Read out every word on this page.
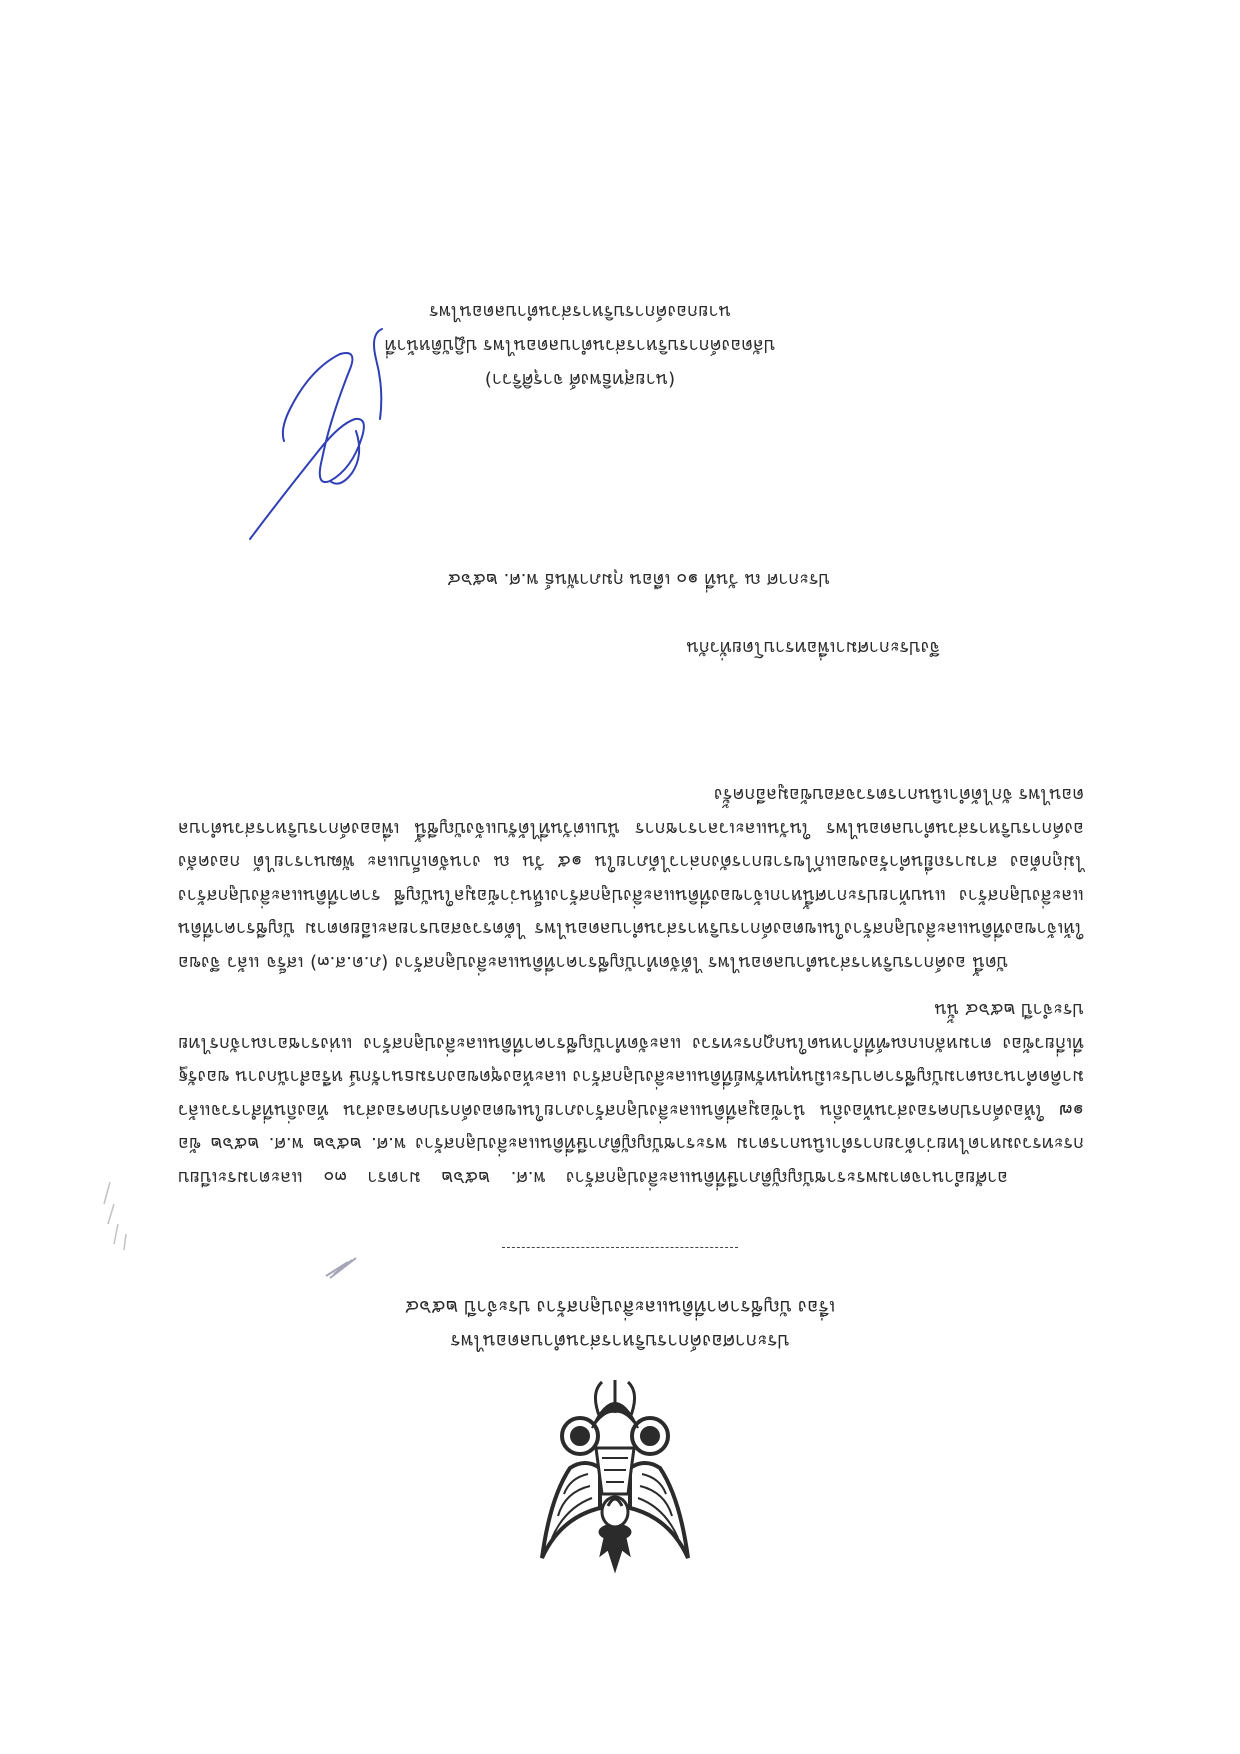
ประกาศองค์การบริหารส่วนตำบลดอนไพร
เรื่อง บัญชีราคาที่ดินและสิ่งปลูกสร้าง ประจำปี ๒๕๖๔
อาศัยอำนาจตามพระราชบัญญัติภาษีที่ดินและสิ่งปลูกสร้าง พ.ศ. ๒๕๖๒ มาตรา ๓๐ และตามระเบียบ กระทรวงมหาดไทยว่าด้วยการดำเนินการตาม พระราชบัญญัติภาษีที่ดินและสิ่งปลูกสร้าง พ.ศ. ๒๕๖๒ พ.ศ. ๒๕๖๒ ข้อ ๑๗ ให้องค์กรปกครองส่วนท้องถิ่น นำข้อมูลที่ดินและสิ่งปลูกสร้างภายในเขตองค์กรปกครองส่วน ท้องถิ่นที่สำรวจแล้ว มาคิดคำนวณตามบัญชีราคาประเมินทุนทรัพย์ที่ดินและสิ่งปลูกสร้าง และห้องชุดของกรมธนารักษ์ หรือสำนักงาน ของรัฐที่เกี่ยวข้อง ตามหลักเกณฑ์ที่กำหนดในกฎกระทรวง และจัดทำบัญชีราคาที่ดินและสิ่งปลูกสร้าง แห่งราชอาณาจักรไทย ประจำปี ๒๕๖๔ นั้น
บัดนี้ องค์การบริหารส่วนตำบลดอนไพร ได้จัดทำบัญชีราคาที่ดินและสิ่งปลูกสร้าง (ภ.ด.ส.๓) เสร็จ แล้ว จึงขอให้เจ้าของที่ดินและสิ่งปลูกสร้างในเขตองค์การบริหารส่วนตำบลดอนไพร ได้ตรวจสอบรายละเอียดตาม บัญชีราคาที่ดินและสิ่งปลูกสร้าง แนบท้ายประกาศนี้หากเจ้าของที่ดินและสิ่งปลูกสร้างเห็นว่าข้อมูลในบัญชี ราคาที่ดินและสิ่งปลูกสร้างไม่ถูกต้อง สามารถยื่นคำร้องขอแก้ไขรายการดังกล่าวได้ภายใน ๑๕ วัน ณ งานจัดเก็บและ พัฒนารายได้ กองคลัง องค์การบริหารส่วนตำบลดอนไพร ในวันและเวลาราชการ นับแต่วันที่ได้รับแจ้งบัญชีนี้ เพื่อองค์การบริหารส่วนตำบลดอนไพร จักได้ดำเนินการตรวจสอบข้อมูลอีกครั้ง
จึงประกาศมาเพื่อทราบโดยทั่วกัน
ประกาศ ณ วันที่ ๑๐ เดือน กุมภาพันธ์ พ.ศ. ๒๕๖๔
(นายสุทธิพงศ์ จารุศิริวา)
ปลัดองค์การบริหารส่วนตำบลดอนไพร ปฏิบัติหน้าที่
นายกองค์การบริหารส่วนตำบลดอนไพร
